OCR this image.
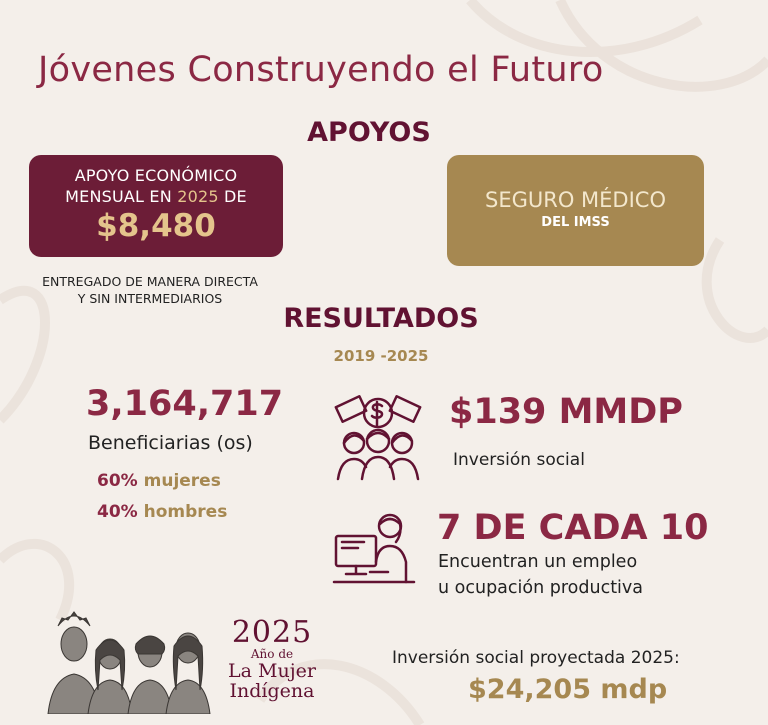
Jóvenes Construyendo el Futuro
APOYOS
APOYO ECONÓMICO
MENSUAL EN 2025 DE
$8,480
ENTREGADO DE MANERA DIRECTA
Y SIN INTERMEDIARIOS
SEGURO MÉDICO
DEL IMSS
RESULTADOS
2019 -2025
3,164,717
Beneficiarias (os)
60% mujeres
40% hombres
$139 MMDP
Inversión social
7 DE CADA 10
Encuentran un empleo
u ocupación productiva
2025
Año de
La Mujer
Indígena
Inversión social proyectada 2025:
$24,205 mdp
